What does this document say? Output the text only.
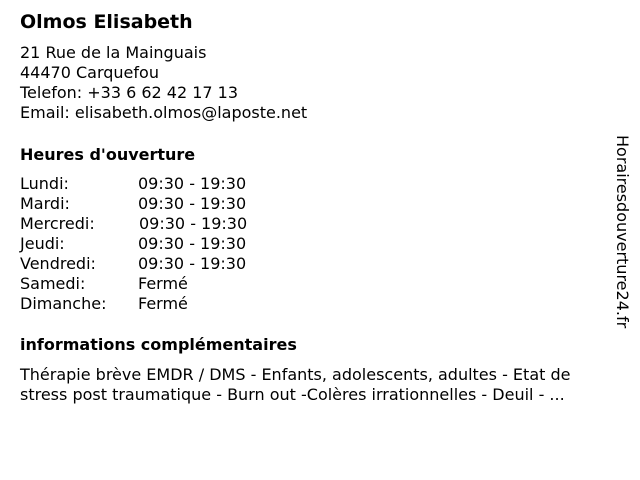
Olmos Elisabeth
21 Rue de la Mainguais
44470 Carquefou
Telefon: +33 6 62 42 17 13
Email: elisabeth.olmos@laposte.net
Heures d'ouverture
Lundi:	09:30 - 19:30
Mardi:	09:30 - 19:30
Mercredi:	09:30 - 19:30
Jeudi:	09:30 - 19:30
Vendredi:	09:30 - 19:30
Samedi:	Fermé
Dimanche: Fermé
informations complémentaires
Thérapie brève EMDR / DMS - Enfants, adolescents, adultes - Etat de
stress post traumatique - Burn out -Colères irrationnelles - Deuil - ...
Horairesdouverture24.fr
